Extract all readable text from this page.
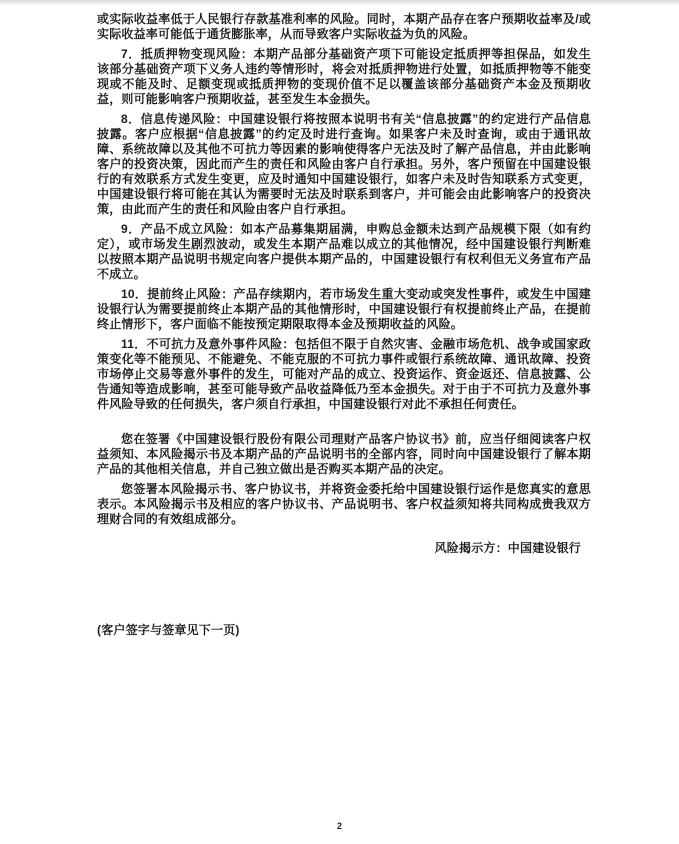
或实际收益率低于人民银行存款基准利率的风险。同时，本期产品存在客户预期收益率及/或实际收益率可能低于通货膨胀率，从而导致客户实际收益为负的风险。

7．抵质押物变现风险：本期产品部分基础资产项下可能设定抵质押等担保品，如发生该部分基础资产项下义务人违约等情形时，将会对抵质押物进行处置，如抵质押物等不能变现或不能及时、足额变现或抵质押物的变现价值不足以覆盖该部分基础资产本金及预期收益，则可能影响客户预期收益，甚至发生本金损失。

8．信息传递风险：中国建设银行将按照本说明书有关“信息披露”的约定进行产品信息披露。客户应根据“信息披露”的约定及时进行查询。如果客户未及时查询，或由于通讯故障、系统故障以及其他不可抗力等因素的影响使得客户无法及时了解产品信息，并由此影响客户的投资决策，因此而产生的责任和风险由客户自行承担。另外，客户预留在中国建设银行的有效联系方式发生变更，应及时通知中国建设银行，如客户未及时告知联系方式变更，中国建设银行将可能在其认为需要时无法及时联系到客户，并可能会由此影响客户的投资决策，由此而产生的责任和风险由客户自行承担。

9．产品不成立风险：如本产品募集期届满，申购总金额未达到产品规模下限（如有约定），或市场发生剧烈波动，或发生本期产品难以成立的其他情况，经中国建设银行判断难以按照本期产品说明书规定向客户提供本期产品的，中国建设银行有权利但无义务宣布产品不成立。

10．提前终止风险：产品存续期内，若市场发生重大变动或突发性事件，或发生中国建设银行认为需要提前终止本期产品的其他情形时，中国建设银行有权提前终止产品，在提前终止情形下，客户面临不能按预定期限取得本金及预期收益的风险。

11．不可抗力及意外事件风险：包括但不限于自然灾害、金融市场危机、战争或国家政策变化等不能预见、不能避免、不能克服的不可抗力事件或银行系统故障、通讯故障、投资市场停止交易等意外事件的发生，可能对产品的成立、投资运作、资金返还、信息披露、公告通知等造成影响，甚至可能导致产品收益降低乃至本金损失。对于由于不可抗力及意外事件风险导致的任何损失，客户须自行承担，中国建设银行对此不承担任何责任。

您在签署《中国建设银行股份有限公司理财产品客户协议书》前，应当仔细阅读客户权益须知、本风险揭示书及本期产品的产品说明书的全部内容，同时向中国建设银行了解本期产品的其他相关信息，并自己独立做出是否购买本期产品的决定。

您签署本风险揭示书、客户协议书，并将资金委托给中国建设银行运作是您真实的意思表示。本风险揭示书及相应的客户协议书、产品说明书、客户权益须知将共同构成贵我双方理财合同的有效组成部分。

风险揭示方：中国建设银行

(客户签字与签章见下一页)

2
